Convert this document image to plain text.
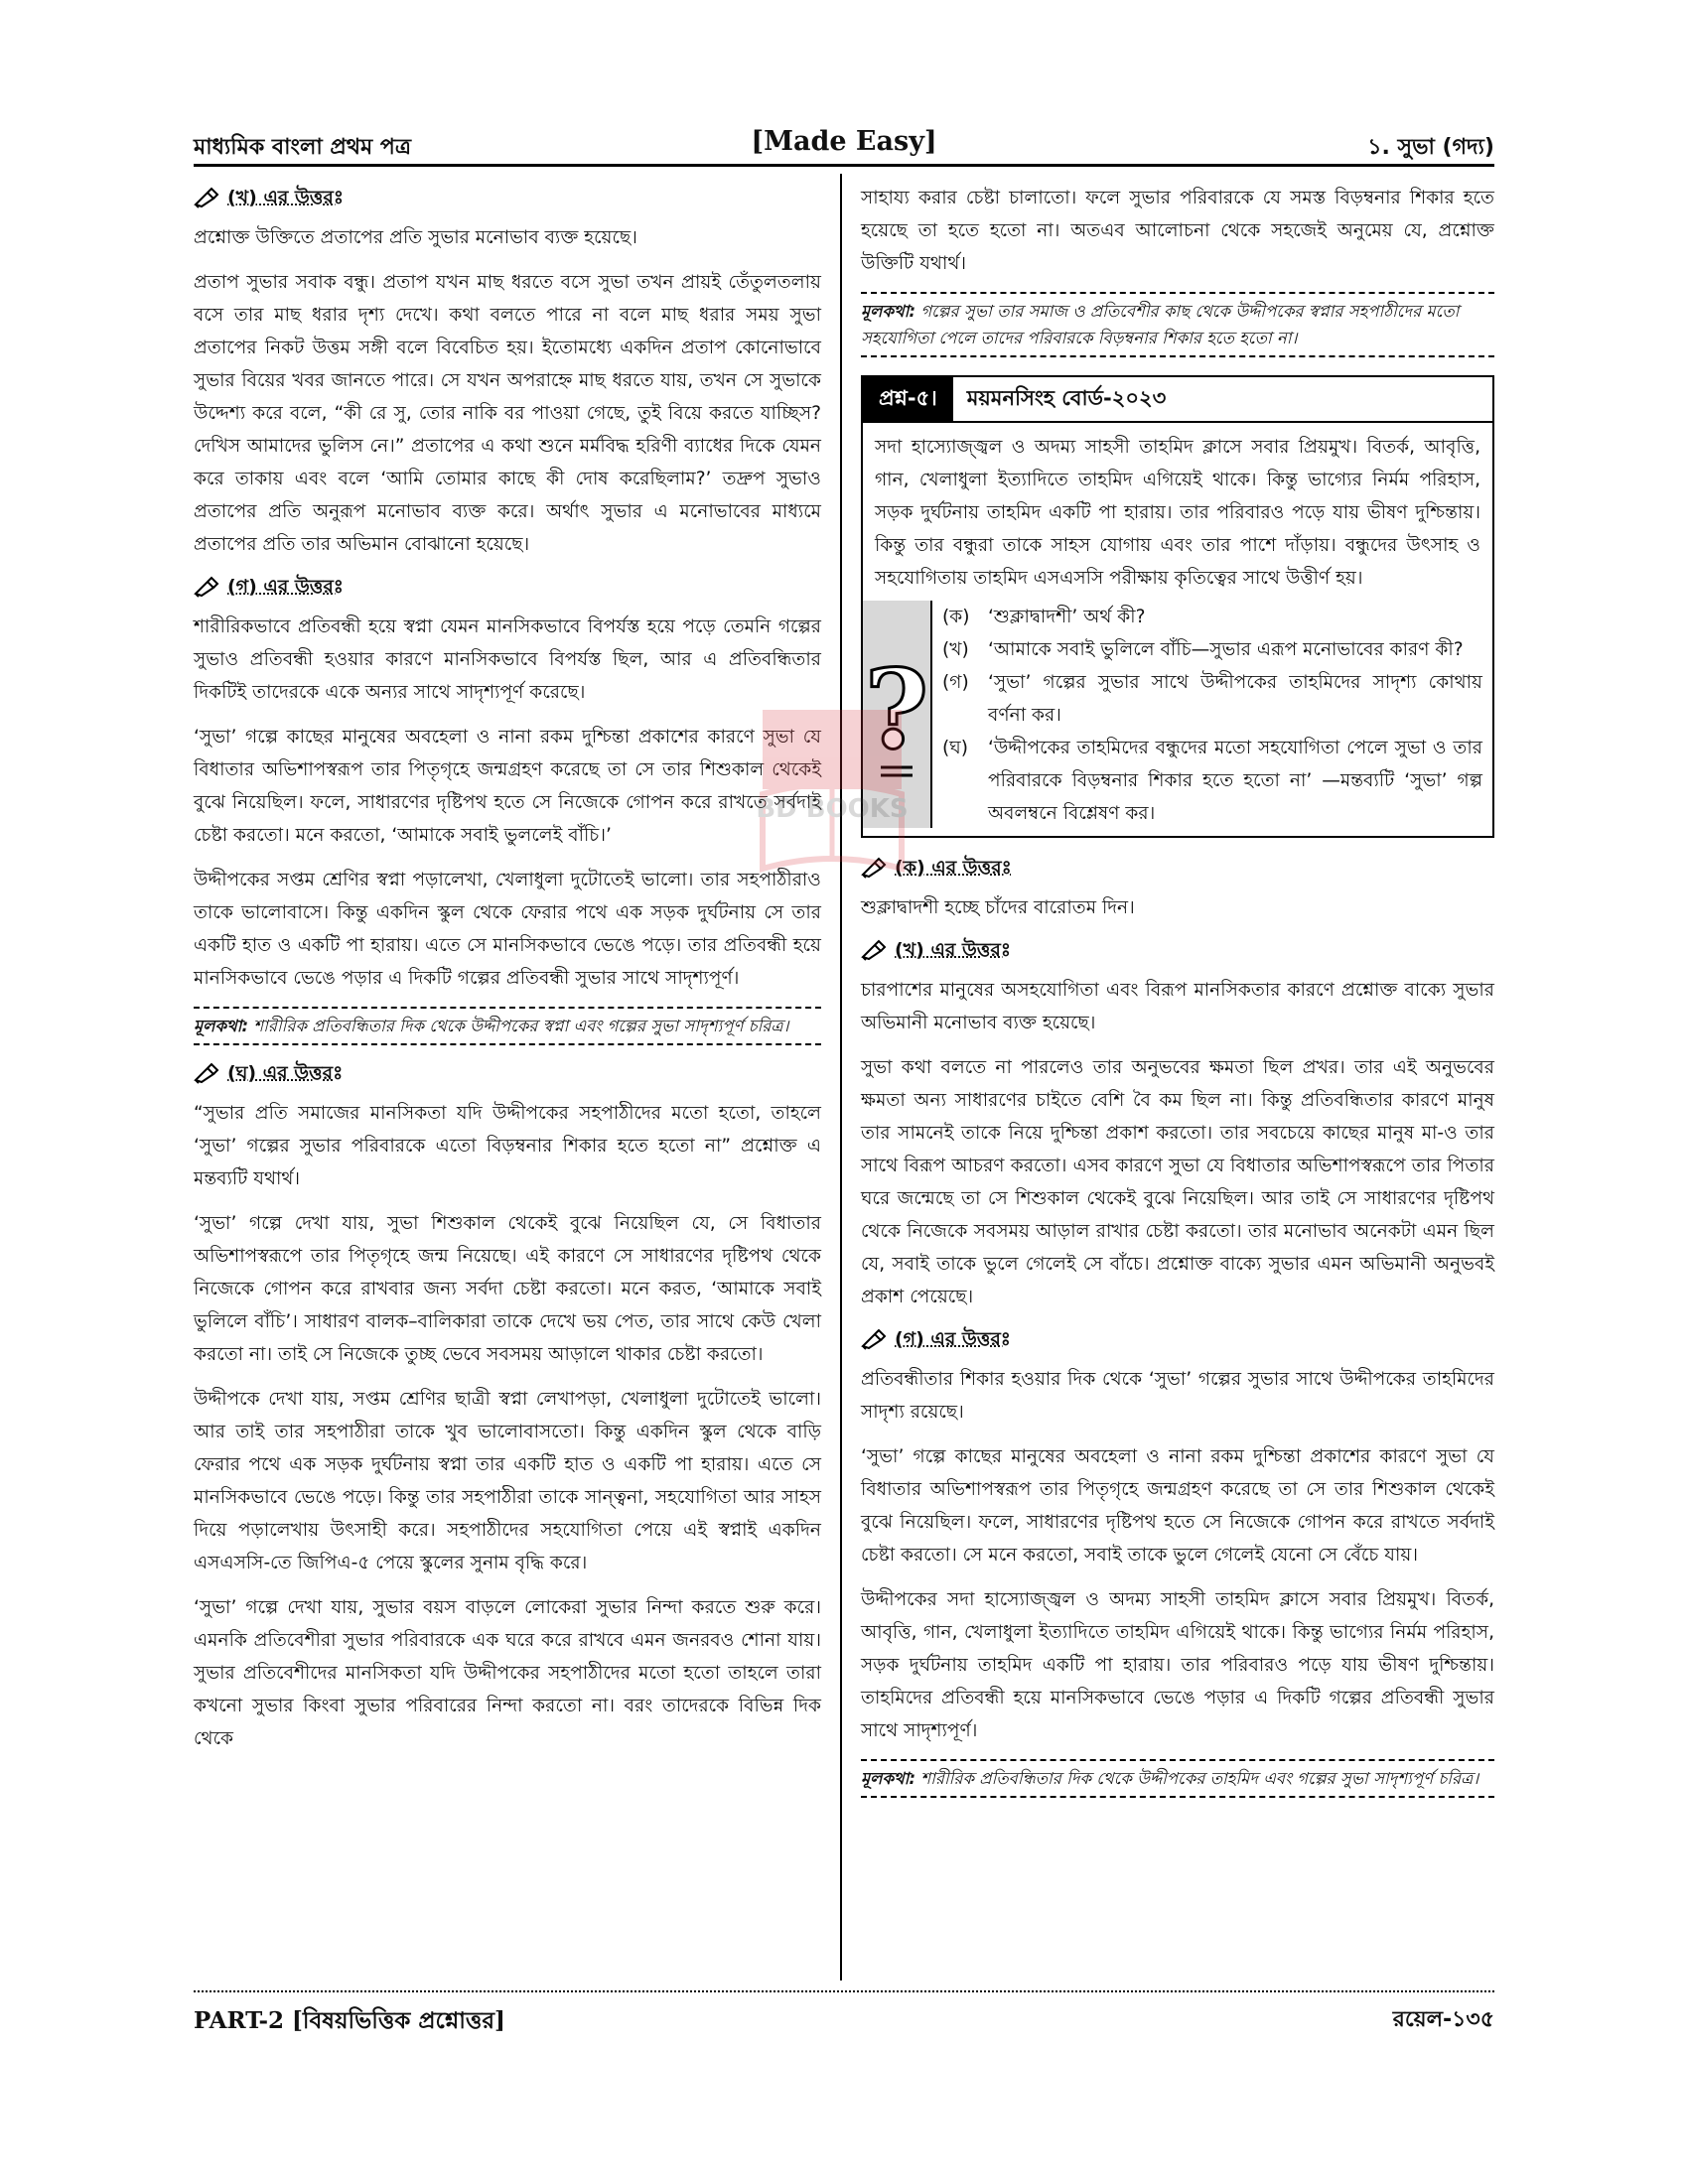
মাধ্যমিক বাংলা প্রথম পত্র	[Made Easy]	১. সুভা (গদ্য)
(খ) এর উত্তরঃ

প্রশ্নোক্ত উক্তিতে প্রতাপের প্রতি সুভার মনোভাব ব্যক্ত হয়েছে।

প্রতাপ সুভার সবাক বন্ধু। প্রতাপ যখন মাছ ধরতে বসে সুভা তখন প্রায়ই তেঁতুলতলায় বসে তার মাছ ধরার দৃশ্য দেখে। কথা বলতে পারে না বলে মাছ ধরার সময় সুভা প্রতাপের নিকট উত্তম সঙ্গী বলে বিবেচিত হয়। ইতোমধ্যে একদিন প্রতাপ কোনোভাবে সুভার বিয়ের খবর জানতে পারে। সে যখন অপরাহ্নে মাছ ধরতে যায়, তখন সে সুভাকে উদ্দেশ্য করে বলে, “কী রে সু, তোর নাকি বর পাওয়া গেছে, তুই বিয়ে করতে যাচ্ছিস? দেখিস আমাদের ভুলিস নে।” প্রতাপের এ কথা শুনে মর্মবিদ্ধ হরিণী ব্যাধের দিকে যেমন করে তাকায় এবং বলে ‘আমি তোমার কাছে কী দোষ করেছিলাম?’ তদ্রুপ সুভাও প্রতাপের প্রতি অনুরূপ মনোভাব ব্যক্ত করে। অর্থাৎ সুভার এ মনোভাবের মাধ্যমে প্রতাপের প্রতি তার অভিমান বোঝানো হয়েছে।

(গ) এর উত্তরঃ

শারীরিকভাবে প্রতিবন্ধী হয়ে স্বপ্না যেমন মানসিকভাবে বিপর্যস্ত হয়ে পড়ে তেমনি গল্পের সুভাও প্রতিবন্ধী হওয়ার কারণে মানসিকভাবে বিপর্যস্ত ছিল, আর এ প্রতিবন্ধিতার দিকটিই তাদেরকে একে অন্যর সাথে সাদৃশ্যপূর্ণ করেছে।

‘সুভা’ গল্পে কাছের মানুষের অবহেলা ও নানা রকম দুশ্চিন্তা প্রকাশের কারণে সুভা যে বিধাতার অভিশাপস্বরূপ তার পিতৃগৃহে জন্মগ্রহণ করেছে তা সে তার শিশুকাল থেকেই বুঝে নিয়েছিল। ফলে, সাধারণের দৃষ্টিপথ হতে সে নিজেকে গোপন করে রাখতে সর্বদাই চেষ্টা করতো। মনে করতো, ‘আমাকে সবাই ভুললেই বাঁচি।’

উদ্দীপকের সপ্তম শ্রেণির স্বপ্না পড়ালেখা, খেলাধুলা দুটোতেই ভালো। তার সহপাঠীরাও তাকে ভালোবাসে। কিন্তু একদিন স্কুল থেকে ফেরার পথে এক সড়ক দুর্ঘটনায় সে তার একটি হাত ও একটি পা হারায়। এতে সে মানসিকভাবে ভেঙে পড়ে। তার প্রতিবন্ধী হয়ে মানসিকভাবে ভেঙে পড়ার এ দিকটি গল্পের প্রতিবন্ধী সুভার সাথে সাদৃশ্যপূর্ণ।

মূলকথা: শারীরিক প্রতিবন্ধিতার দিক থেকে উদ্দীপকের স্বপ্না এবং গল্পের সুভা সাদৃশ্যপূর্ণ চরিত্র।
(ঘ) এর উত্তরঃ

“সুভার প্রতি সমাজের মানসিকতা যদি উদ্দীপকের সহপাঠীদের মতো হতো, তাহলে ‘সুভা’ গল্পের সুভার পরিবারকে এতো বিড়ম্বনার শিকার হতে হতো না” প্রশ্নোক্ত এ মন্তব্যটি যথার্থ।

‘সুভা’ গল্পে দেখা যায়, সুভা শিশুকাল থেকেই বুঝে নিয়েছিল যে, সে বিধাতার অভিশাপস্বরূপে তার পিতৃগৃহে জন্ম নিয়েছে। এই কারণে সে সাধারণের দৃষ্টিপথ থেকে নিজেকে গোপন করে রাখবার জন্য সর্বদা চেষ্টা করতো। মনে করত, ‘আমাকে সবাই ভুলিলে বাঁচি’। সাধারণ বালক–বালিকারা তাকে দেখে ভয় পেত, তার সাথে কেউ খেলা করতো না। তাই সে নিজেকে তুচ্ছ ভেবে সবসময় আড়ালে থাকার চেষ্টা করতো।

উদ্দীপকে দেখা যায়, সপ্তম শ্রেণির ছাত্রী স্বপ্না লেখাপড়া, খেলাধুলা দুটোতেই ভালো। আর তাই তার সহপাঠীরা তাকে খুব ভালোবাসতো। কিন্তু একদিন স্কুল থেকে বাড়ি ফেরার পথে এক সড়ক দুর্ঘটনায় স্বপ্না তার একটি হাত ও একটি পা হারায়। এতে সে মানসিকভাবে ভেঙে পড়ে। কিন্তু তার সহপাঠীরা তাকে সান্ত্বনা, সহযোগিতা আর সাহস দিয়ে পড়ালেখায় উৎসাহী করে। সহপাঠীদের সহযোগিতা পেয়ে এই স্বপ্নাই একদিন এসএসসি-তে জিপিএ-৫ পেয়ে স্কুলের সুনাম বৃদ্ধি করে।

‘সুভা’ গল্পে দেখা যায়, সুভার বয়স বাড়লে লোকেরা সুভার নিন্দা করতে শুরু করে। এমনকি প্রতিবেশীরা সুভার পরিবারকে এক ঘরে করে রাখবে এমন জনরবও শোনা যায়। সুভার প্রতিবেশীদের মানসিকতা যদি উদ্দীপকের সহপাঠীদের মতো হতো তাহলে তারা কখনো সুভার কিংবা সুভার পরিবারের নিন্দা করতো না। বরং তাদেরকে বিভিন্ন দিক থেকে

সাহায্য করার চেষ্টা চালাতো। ফলে সুভার পরিবারকে যে সমস্ত বিড়ম্বনার শিকার হতে হয়েছে তা হতে হতো না। অতএব আলোচনা থেকে সহজেই অনুমেয় যে, প্রশ্নোক্ত উক্তিটি যথার্থ।

মূলকথা: গল্পের সুভা তার সমাজ ও প্রতিবেশীর কাছ থেকে উদ্দীপকের স্বপ্নার সহপাঠীদের মতো সহযোগিতা পেলে তাদের পরিবারকে বিড়ম্বনার শিকার হতে হতো না।
প্রশ্ন-৫।	ময়মনসিংহ বোর্ড-২০২৩
সদা হাস্যোজ্জ্বল ও অদম্য সাহসী তাহমিদ ক্লাসে সবার প্রিয়মুখ। বিতর্ক, আবৃত্তি, গান, খেলাধুলা ইত্যাদিতে তাহমিদ এগিয়েই থাকে। কিন্তু ভাগ্যের নির্মম পরিহাস, সড়ক দুর্ঘটনায় তাহমিদ একটি পা হারায়। তার পরিবারও পড়ে যায় ভীষণ দুশ্চিন্তায়। কিন্তু তার বন্ধুরা তাকে সাহস যোগায় এবং তার পাশে দাঁড়ায়। বন্ধুদের উৎসাহ ও সহযোগিতায় তাহমিদ এসএসসি পরীক্ষায় কৃতিত্বের সাথে উত্তীর্ণ হয়।
?
(ক) ‘শুক্লাদ্বাদশী’ অর্থ কী?
(খ)	‘আমাকে সবাই ভুলিলে বাঁচি—সুভার এরূপ মনোভাবের কারণ কী?
(গ)	‘সুভা’ গল্পের সুভার সাথে উদ্দীপকের তাহমিদের সাদৃশ্য কোথায় বর্ণনা কর।
(ঘ)	‘উদ্দীপকের তাহমিদের বন্ধুদের মতো সহযোগিতা পেলে সুভা ও তার পরিবারকে বিড়ম্বনার শিকার হতে হতো না’ —মন্তব্যটি ‘সুভা’ গল্প অবলম্বনে বিশ্লেষণ কর।
(ক) এর উত্তরঃ

শুক্লাদ্বাদশী হচ্ছে চাঁদের বারোতম দিন।

(খ) এর উত্তরঃ

চারপাশের মানুষের অসহযোগিতা এবং বিরূপ মানসিকতার কারণে প্রশ্নোক্ত বাক্যে সুভার অভিমানী মনোভাব ব্যক্ত হয়েছে।

সুভা কথা বলতে না পারলেও তার অনুভবের ক্ষমতা ছিল প্রখর। তার এই অনুভবের ক্ষমতা অন্য সাধারণের চাইতে বেশি বৈ কম ছিল না। কিন্তু প্রতিবন্ধিতার কারণে মানুষ তার সামনেই তাকে নিয়ে দুশ্চিন্তা প্রকাশ করতো। তার সবচেয়ে কাছের মানুষ মা-ও তার সাথে বিরূপ আচরণ করতো। এসব কারণে সুভা যে বিধাতার অভিশাপস্বরূপে তার পিতার ঘরে জন্মেছে তা সে শিশুকাল থেকেই বুঝে নিয়েছিল। আর তাই সে সাধারণের দৃষ্টিপথ থেকে নিজেকে সবসময় আড়াল রাখার চেষ্টা করতো। তার মনোভাব অনেকটা এমন ছিল যে, সবাই তাকে ভুলে গেলেই সে বাঁচে। প্রশ্নোক্ত বাক্যে সুভার এমন অভিমানী অনুভবই প্রকাশ পেয়েছে।

(গ) এর উত্তরঃ

প্রতিবন্ধীতার শিকার হওয়ার দিক থেকে ‘সুভা’ গল্পের সুভার সাথে উদ্দীপকের তাহমিদের সাদৃশ্য রয়েছে।

‘সুভা’ গল্পে কাছের মানুষের অবহেলা ও নানা রকম দুশ্চিন্তা প্রকাশের কারণে সুভা যে বিধাতার অভিশাপস্বরূপ তার পিতৃগৃহে জন্মগ্রহণ করেছে তা সে তার শিশুকাল থেকেই বুঝে নিয়েছিল। ফলে, সাধারণের দৃষ্টিপথ হতে সে নিজেকে গোপন করে রাখতে সর্বদাই চেষ্টা করতো। সে মনে করতো, সবাই তাকে ভুলে গেলেই যেনো সে বেঁচে যায়।

উদ্দীপকের সদা হাস্যোজ্জ্বল ও অদম্য সাহসী তাহমিদ ক্লাসে সবার প্রিয়মুখ। বিতর্ক, আবৃত্তি, গান, খেলাধুলা ইত্যাদিতে তাহমিদ এগিয়েই থাকে। কিন্তু ভাগ্যের নির্মম পরিহাস, সড়ক দুর্ঘটনায় তাহমিদ একটি পা হারায়। তার পরিবারও পড়ে যায় ভীষণ দুশ্চিন্তায়। তাহমিদের প্রতিবন্ধী হয়ে মানসিকভাবে ভেঙে পড়ার এ দিকটি গল্পের প্রতিবন্ধী সুভার সাথে সাদৃশ্যপূর্ণ।

মূলকথা: শারীরিক প্রতিবন্ধিতার দিক থেকে উদ্দীপকের তাহমিদ এবং গল্পের সুভা সাদৃশ্যপূর্ণ চরিত্র।
PART-2 [বিষয়ভিত্তিক প্রশ্নোত্তর]	রয়েল-১৩৫
BD BOOKS
